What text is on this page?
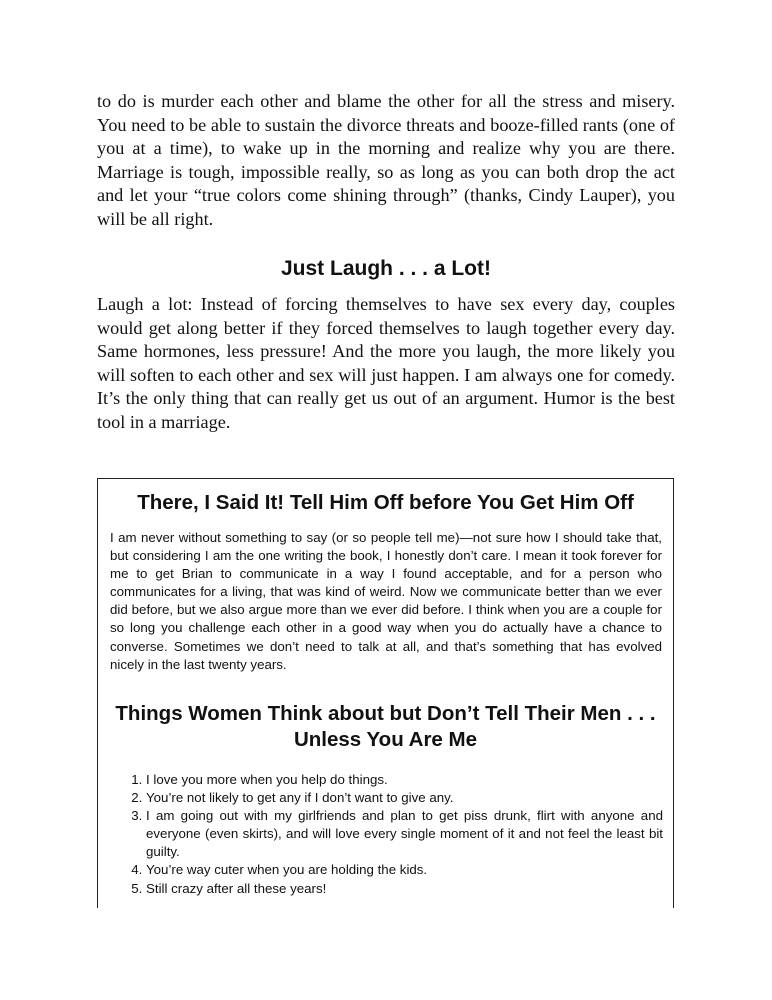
to do is murder each other and blame the other for all the stress and misery. You need to be able to sustain the divorce threats and booze-filled rants (one of you at a time), to wake up in the morning and realize why you are there. Marriage is tough, impossible really, so as long as you can both drop the act and let your “true colors come shining through” (thanks, Cindy Lauper), you will be all right.

Just Laugh . . . a Lot!

Laugh a lot: Instead of forcing themselves to have sex every day, couples would get along better if they forced themselves to laugh together every day. Same hormones, less pressure! And the more you laugh, the more likely you will soften to each other and sex will just happen. I am always one for comedy. It’s the only thing that can really get us out of an argument. Humor is the best tool in a marriage.

There, I Said It! Tell Him Off before You Get Him Off

I am never without something to say (or so people tell me)—not sure how I should take that, but considering I am the one writing the book, I honestly don’t care. I mean it took forever for me to get Brian to communicate in a way I found acceptable, and for a person who communicates for a living, that was kind of weird. Now we communicate better than we ever did before, but we also argue more than we ever did before. I think when you are a couple for so long you challenge each other in a good way when you do actually have a chance to converse. Sometimes we don’t need to talk at all, and that’s something that has evolved nicely in the last twenty years.

Things Women Think about but Don’t Tell Their Men . . . Unless You Are Me
1. I love you more when you help do things.
2. You’re not likely to get any if I don’t want to give any.
3. I am going out with my girlfriends and plan to get piss drunk, flirt with anyone and everyone (even skirts), and will love every single moment of it and not feel the least bit guilty.
4. You’re way cuter when you are holding the kids.
5. Still crazy after all these years!
